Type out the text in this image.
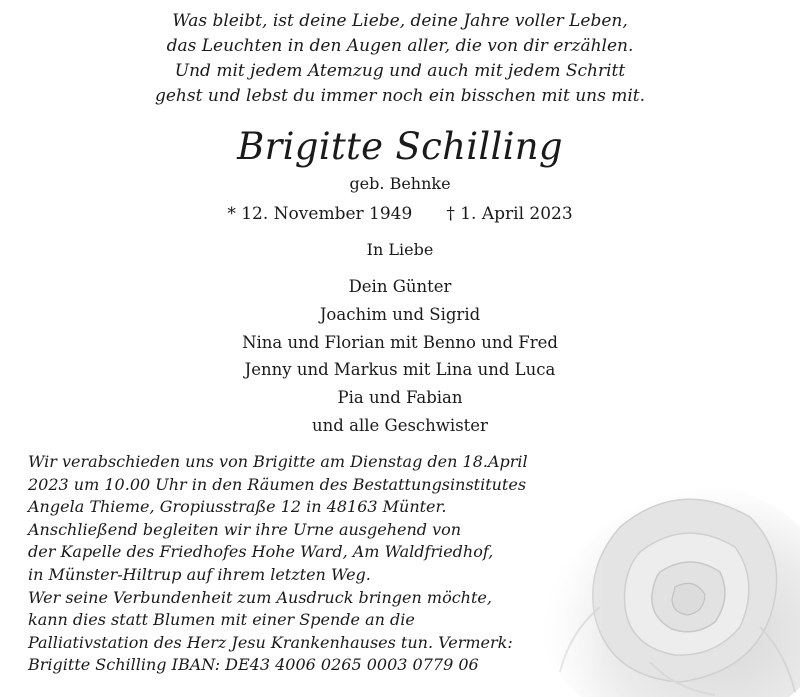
Was bleibt, ist deine Liebe, deine Jahre voller Leben,
das Leuchten in den Augen aller, die von dir erzählen.
Und mit jedem Atemzug und auch mit jedem Schritt
gehst und lebst du immer noch ein bisschen mit uns mit.
Brigitte Schilling
geb. Behnke
* 12. November 1949 † 1. April 2023
In Liebe
Dein Günter
Joachim und Sigrid
Nina und Florian mit Benno und Fred
Jenny und Markus mit Lina und Luca
Pia und Fabian
und alle Geschwister
Wir verabschieden uns von Brigitte am Dienstag den 18.April
2023 um 10.00 Uhr in den Räumen des Bestattungsinstitutes
Angela Thieme, Gropiusstraße 12 in 48163 Münter.
Anschließend begleiten wir ihre Urne ausgehend von
der Kapelle des Friedhofes Hohe Ward, Am Waldfriedhof,
in Münster-Hiltrup auf ihrem letzten Weg.
Wer seine Verbundenheit zum Ausdruck bringen möchte,
kann dies statt Blumen mit einer Spende an die
Palliativstation des Herz Jesu Krankenhauses tun. Vermerk:
Brigitte Schilling IBAN: DE43 4006 0265 0003 0779 06
